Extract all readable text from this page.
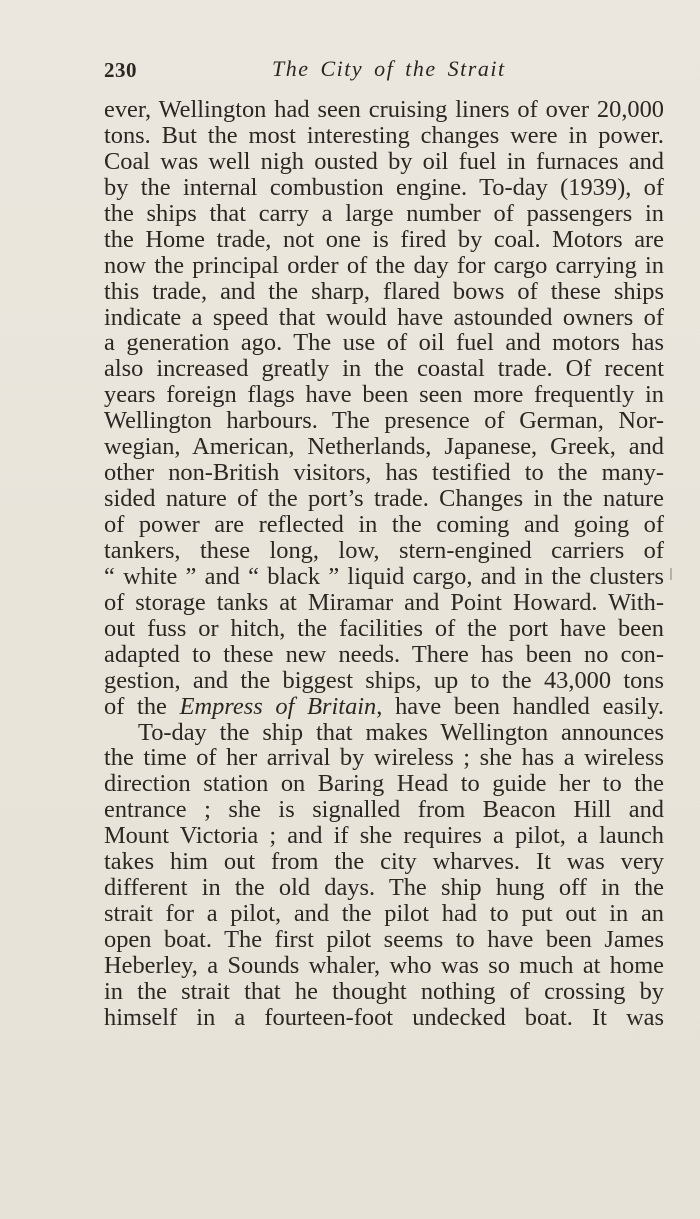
230	The City of the Strait
ever, Wellington had seen cruising liners of over 20,000
tons. But the most interesting changes were in power.
Coal was well nigh ousted by oil fuel in furnaces and
by the internal combustion engine. To-day (1939), of
the ships that carry a large number of passengers in
the Home trade, not one is fired by coal. Motors are
now the principal order of the day for cargo carrying in
this trade, and the sharp, flared bows of these ships
indicate a speed that would have astounded owners of
a generation ago. The use of oil fuel and motors has
also increased greatly in the coastal trade. Of recent
years foreign flags have been seen more frequently in
Wellington harbours. The presence of German, Nor-
wegian, American, Netherlands, Japanese, Greek, and
other non-British visitors, has testified to the many-
sided nature of the port’s trade. Changes in the nature
of power are reflected in the coming and going of
tankers, these long, low, stern-engined carriers of
“ white ” and “ black ” liquid cargo, and in the clusters
of storage tanks at Miramar and Point Howard. With-
out fuss or hitch, the facilities of the port have been
adapted to these new needs. There has been no con-
gestion, and the biggest ships, up to the 43,000 tons
of the Empress of Britain, have been handled easily.
To-day the ship that makes Wellington announces
the time of her arrival by wireless ; she has a wireless
direction station on Baring Head to guide her to the
entrance ; she is signalled from Beacon Hill and
Mount Victoria ; and if she requires a pilot, a launch
takes him out from the city wharves. It was very
different in the old days. The ship hung off in the
strait for a pilot, and the pilot had to put out in an
open boat. The first pilot seems to have been James
Heberley, a Sounds whaler, who was so much at home
in the strait that he thought nothing of crossing by
himself in a fourteen-foot undecked boat. It was
